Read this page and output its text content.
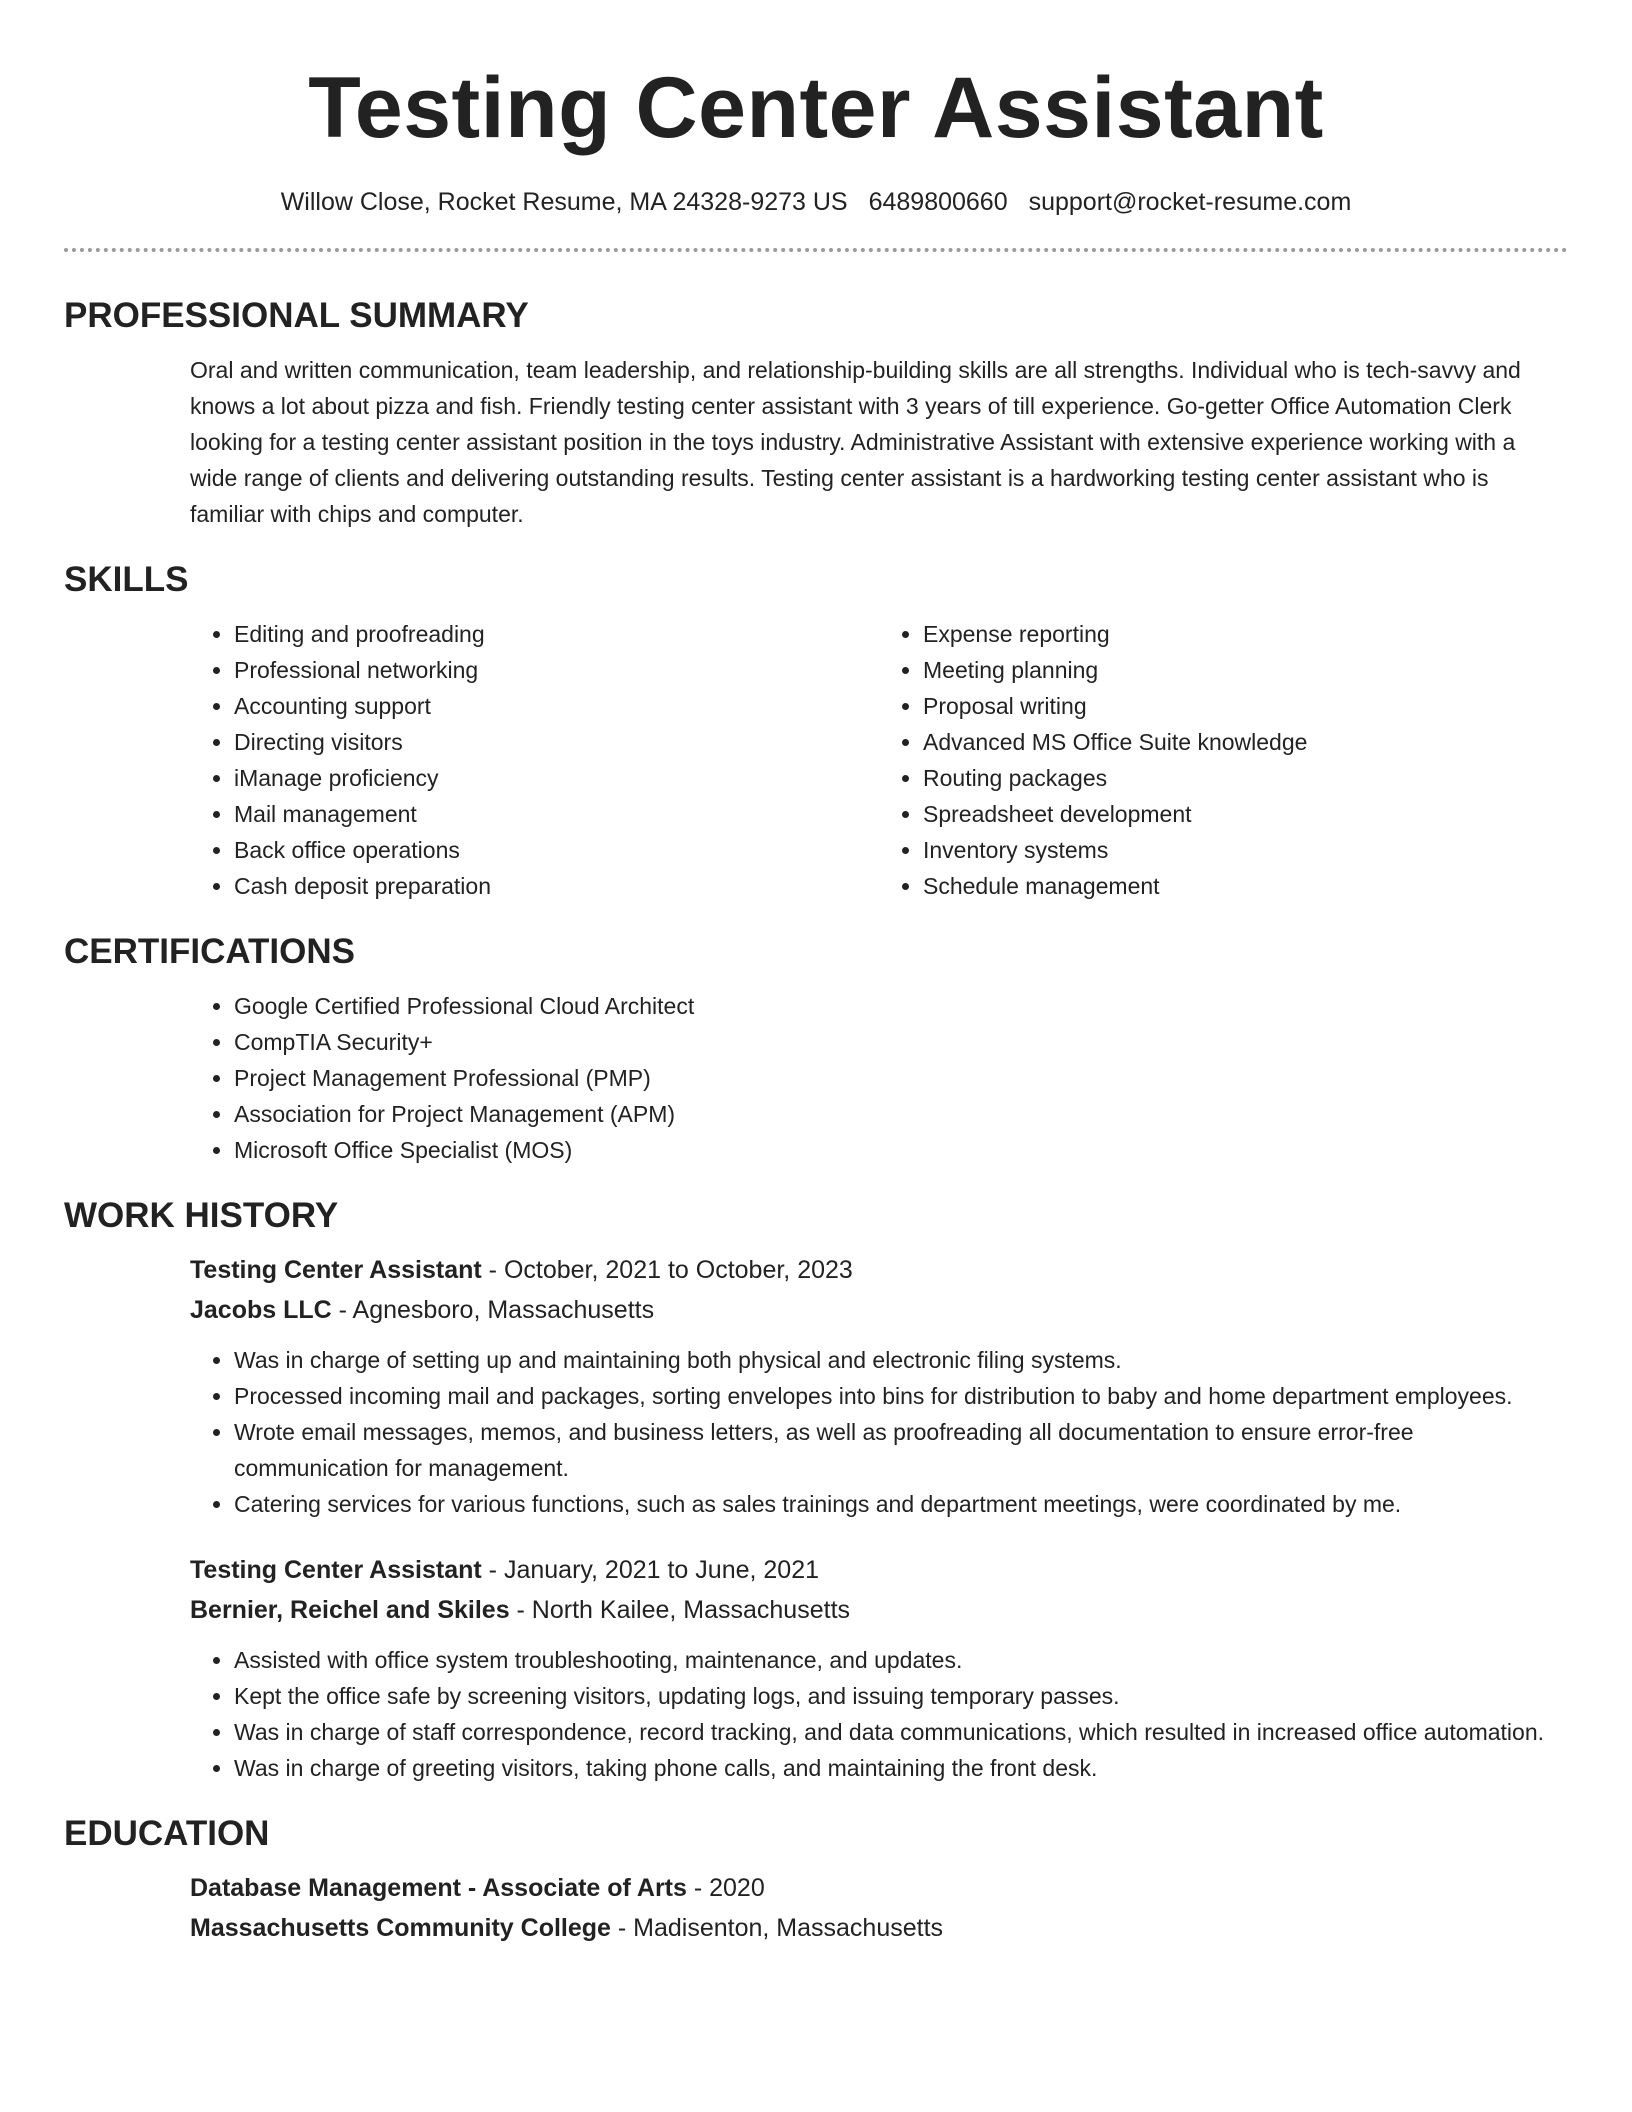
Testing Center Assistant
Willow Close, Rocket Resume, MA 24328-9273 US 6489800660 support@rocket-resume.com
PROFESSIONAL SUMMARY

Oral and written communication, team leadership, and relationship-building skills are all strengths. Individual who is tech-savvy and knows a lot about pizza and fish. Friendly testing center assistant with 3 years of till experience. Go-getter Office Automation Clerk looking for a testing center assistant position in the toys industry. Administrative Assistant with extensive experience working with a wide range of clients and delivering outstanding results. Testing center assistant is a hardworking testing center assistant who is familiar with chips and computer.

SKILLS
• Editing and proofreading
• Professional networking
• Accounting support
• Directing visitors
• iManage proficiency
• Mail management
• Back office operations
• Cash deposit preparation
• Expense reporting
• Meeting planning
• Proposal writing
• Advanced MS Office Suite knowledge
• Routing packages
• Spreadsheet development
• Inventory systems
• Schedule management
CERTIFICATIONS
• Google Certified Professional Cloud Architect
• CompTIA Security+
• Project Management Professional (PMP)
• Association for Project Management (APM)
• Microsoft Office Specialist (MOS)
WORK HISTORY
Testing Center Assistant - October, 2021 to October, 2023
Jacobs LLC - Agnesboro, Massachusetts
• Was in charge of setting up and maintaining both physical and electronic filing systems.
• Processed incoming mail and packages, sorting envelopes into bins for distribution to baby and home department employees.
• Wrote email messages, memos, and business letters, as well as proofreading all documentation to ensure error-free communication for management.
• Catering services for various functions, such as sales trainings and department meetings, were coordinated by me.
Testing Center Assistant - January, 2021 to June, 2021
Bernier, Reichel and Skiles - North Kailee, Massachusetts
• Assisted with office system troubleshooting, maintenance, and updates.
• Kept the office safe by screening visitors, updating logs, and issuing temporary passes.
• Was in charge of staff correspondence, record tracking, and data communications, which resulted in increased office automation.
• Was in charge of greeting visitors, taking phone calls, and maintaining the front desk.
EDUCATION
Database Management - Associate of Arts - 2020
Massachusetts Community College - Madisenton, Massachusetts
